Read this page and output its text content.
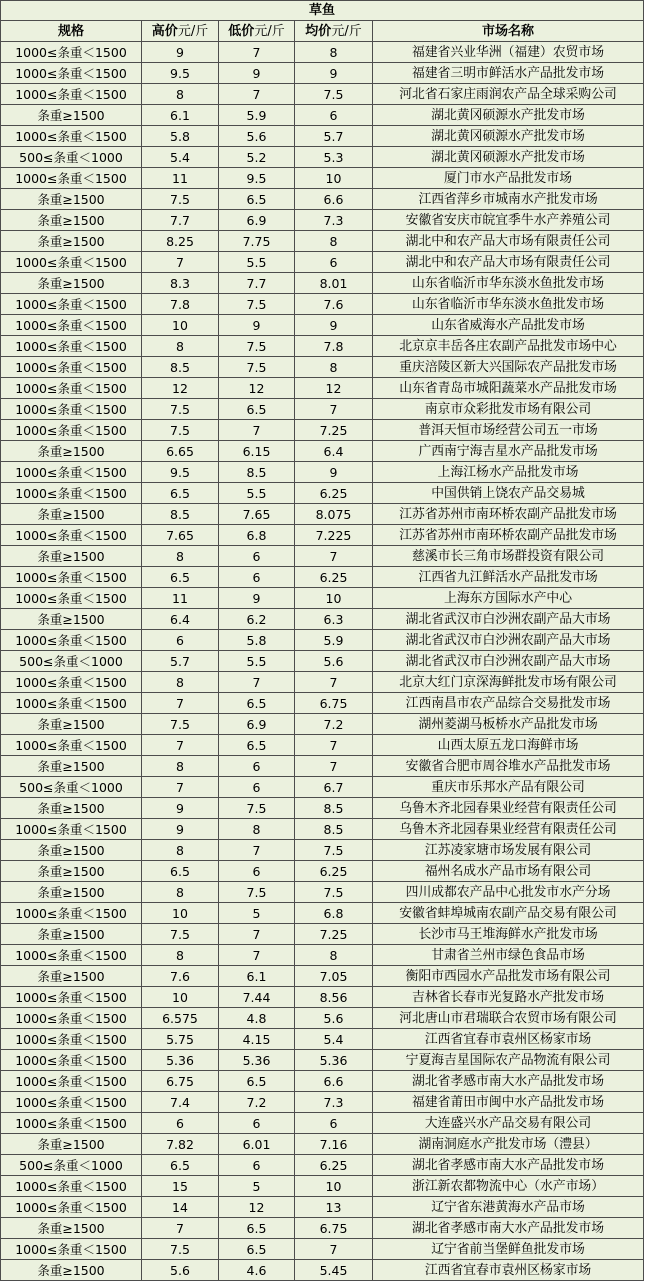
草鱼				
规格	高价元/斤	低价元/斤	均价元/斤	市场名称
1000≤条重＜1500	9	7	8	福建省兴业华洲（福建）农贸市场
1000≤条重＜1500	9.5	9	9	福建省三明市鲜活水产品批发市场
1000≤条重＜1500	8	7	7.5	河北省石家庄雨润农产品全球采购公司
条重≥1500	6.1	5.9	6	湖北黄冈硕源水产批发市场
1000≤条重＜1500	5.8	5.6	5.7	湖北黄冈硕源水产批发市场
500≤条重＜1000	5.4	5.2	5.3	湖北黄冈硕源水产批发市场
1000≤条重＜1500	11	9.5	10	厦门市水产品批发市场
条重≥1500	7.5	6.5	6.6	江西省萍乡市城南水产批发市场
条重≥1500	7.7	6.9	7.3	安徽省安庆市皖宜季牛水产养殖公司
条重≥1500	8.25	7.75	8	湖北中和农产品大市场有限责任公司
1000≤条重＜1500	7	5.5	6	湖北中和农产品大市场有限责任公司
条重≥1500	8.3	7.7	8.01	山东省临沂市华东淡水鱼批发市场
1000≤条重＜1500	7.8	7.5	7.6	山东省临沂市华东淡水鱼批发市场
1000≤条重＜1500	10	9	9	山东省威海水产品批发市场
1000≤条重＜1500	8	7.5	7.8	北京京丰岳各庄农副产品批发市场中心
1000≤条重＜1500	8.5	7.5	8	重庆涪陵区新大兴国际农产品批发市场
1000≤条重＜1500	12	12	12	山东省青岛市城阳蔬菜水产品批发市场
1000≤条重＜1500	7.5	6.5	7	南京市众彩批发市场有限公司
1000≤条重＜1500	7.5	7	7.25	普洱天恒市场经营公司五一市场
条重≥1500	6.65	6.15	6.4	广西南宁海吉星水产品批发市场
1000≤条重＜1500	9.5	8.5	9	上海江杨水产品批发市场
1000≤条重＜1500	6.5	5.5	6.25	中国供销上饶农产品交易城
条重≥1500	8.5	7.65	8.075	江苏省苏州市南环桥农副产品批发市场
1000≤条重＜1500	7.65	6.8	7.225	江苏省苏州市南环桥农副产品批发市场
条重≥1500	8	6	7	慈溪市长三角市场群投资有限公司
1000≤条重＜1500	6.5	6	6.25	江西省九江鲜活水产品批发市场
1000≤条重＜1500	11	9	10	上海东方国际水产中心
条重≥1500	6.4	6.2	6.3	湖北省武汉市白沙洲农副产品大市场
1000≤条重＜1500	6	5.8	5.9	湖北省武汉市白沙洲农副产品大市场
500≤条重＜1000	5.7	5.5	5.6	湖北省武汉市白沙洲农副产品大市场
1000≤条重＜1500	8	7	7	北京大红门京深海鲜批发市场有限公司
1000≤条重＜1500	7	6.5	6.75	江西南昌市农产品综合交易批发市场
条重≥1500	7.5	6.9	7.2	湖州菱湖马板桥水产品批发市场
1000≤条重＜1500	7	6.5	7	山西太原五龙口海鲜市场
条重≥1500	8	6	7	安徽省合肥市周谷堆水产品批发市场
500≤条重＜1000	7	6	6.7	重庆市乐邦水产品有限公司
条重≥1500	9	7.5	8.5	乌鲁木齐北园春果业经营有限责任公司
1000≤条重＜1500	9	8	8.5	乌鲁木齐北园春果业经营有限责任公司
条重≥1500	8	7	7.5	江苏凌家塘市场发展有限公司
条重≥1500	6.5	6	6.25	福州名成水产品市场有限公司
条重≥1500	8	7.5	7.5	四川成都农产品中心批发市水产分场
1000≤条重＜1500	10	5	6.8	安徽省蚌埠城南农副产品交易有限公司
条重≥1500	7.5	7	7.25	长沙市马王堆海鲜水产批发市场
1000≤条重＜1500	8	7	8	甘肃省兰州市绿色食品市场
条重≥1500	7.6	6.1	7.05	衡阳市西园水产品批发市场有限公司
1000≤条重＜1500	10	7.44	8.56	吉林省长春市光复路水产批发市场
1000≤条重＜1500	6.575	4.8	5.6	河北唐山市君瑞联合农贸市场有限公司
1000≤条重＜1500	5.75	4.15	5.4	江西省宜春市袁州区杨家市场
1000≤条重＜1500	5.36	5.36	5.36	宁夏海吉星国际农产品物流有限公司
1000≤条重＜1500	6.75	6.5	6.6	湖北省孝感市南大水产品批发市场
1000≤条重＜1500	7.4	7.2	7.3	福建省莆田市闽中水产品批发市场
1000≤条重＜1500	6	6	6	大连盛兴水产品交易有限公司
条重≥1500	7.82	6.01	7.16	湖南洞庭水产批发市场（澧县）
500≤条重＜1000	6.5	6	6.25	湖北省孝感市南大水产品批发市场
1000≤条重＜1500	15	5	10	浙江新农都物流中心（水产市场）
1000≤条重＜1500	14	12	13	辽宁省东港黄海水产品市场
条重≥1500	7	6.5	6.75	湖北省孝感市南大水产品批发市场
1000≤条重＜1500	7.5	6.5	7	辽宁省前当堡鲜鱼批发市场
条重≥1500	5.6	4.6	5.45	江西省宜春市袁州区杨家市场
